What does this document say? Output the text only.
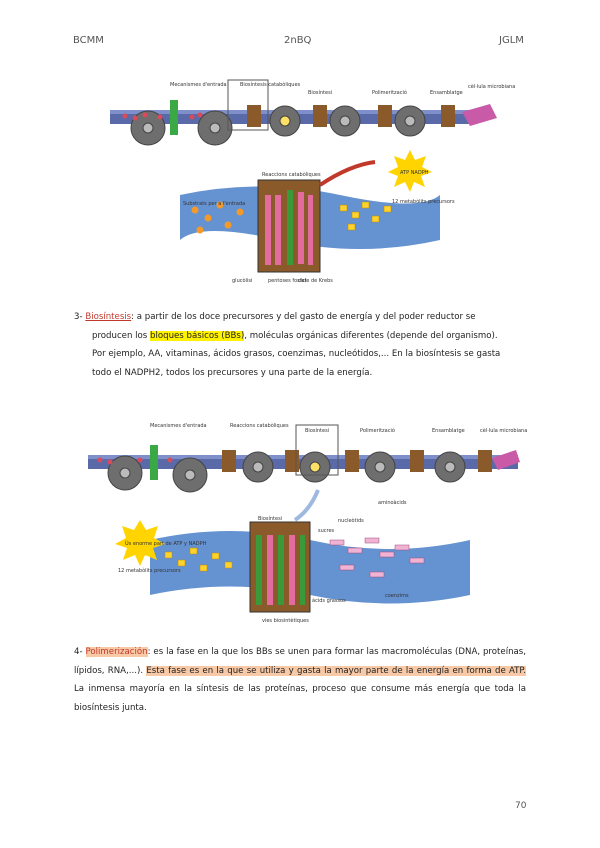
BCMM	2nBQ	JGLM
Mecanismes d'entrada	Biosíntesis catabòliques
Biosíntesi	Polimerització	Ensamblatge
cèl·lula microbiana
Reaccions catabòliques
Substrats per a l'entrada	12 metabòlits precursors
ATP NADPH
glucòlisi	pentoses fosfat
cicle de Krebs
3- Biosíntesis: a partir de los doce precursores y del gasto de energía y del poder reductor se
producen los bloques básicos (BBs), moléculas orgánicas diferentes (depende del organismo).
Por ejemplo, AA, vitaminas, ácidos grasos, coenzimas, nucleótidos,... En la biosíntesis se gasta
todo el NADPH2, todos los precursores y una parte de la energía.
Mecanismes d'entrada	Reaccions catabòliques
Biosíntesi	Polimerització	Ensamblatge	cèl·lula microbiana
Biosíntesi
Ús enorme part de ATP y NADPH
12 metabòlits precursors
aminoàcids
nucleòtids
sucres
àcids grassos
coenzims
vies biosintètiques
4- Polimerización: es la fase en la que los BBs se unen para formar las macromoléculas (DNA, proteínas, lípidos, RNA,...). Esta fase es en la que se utiliza y gasta la mayor parte de la energía en forma de ATP. La inmensa mayoría en la síntesis de las proteínas, proceso que consume más energía que toda la biosíntesis junta.
70
